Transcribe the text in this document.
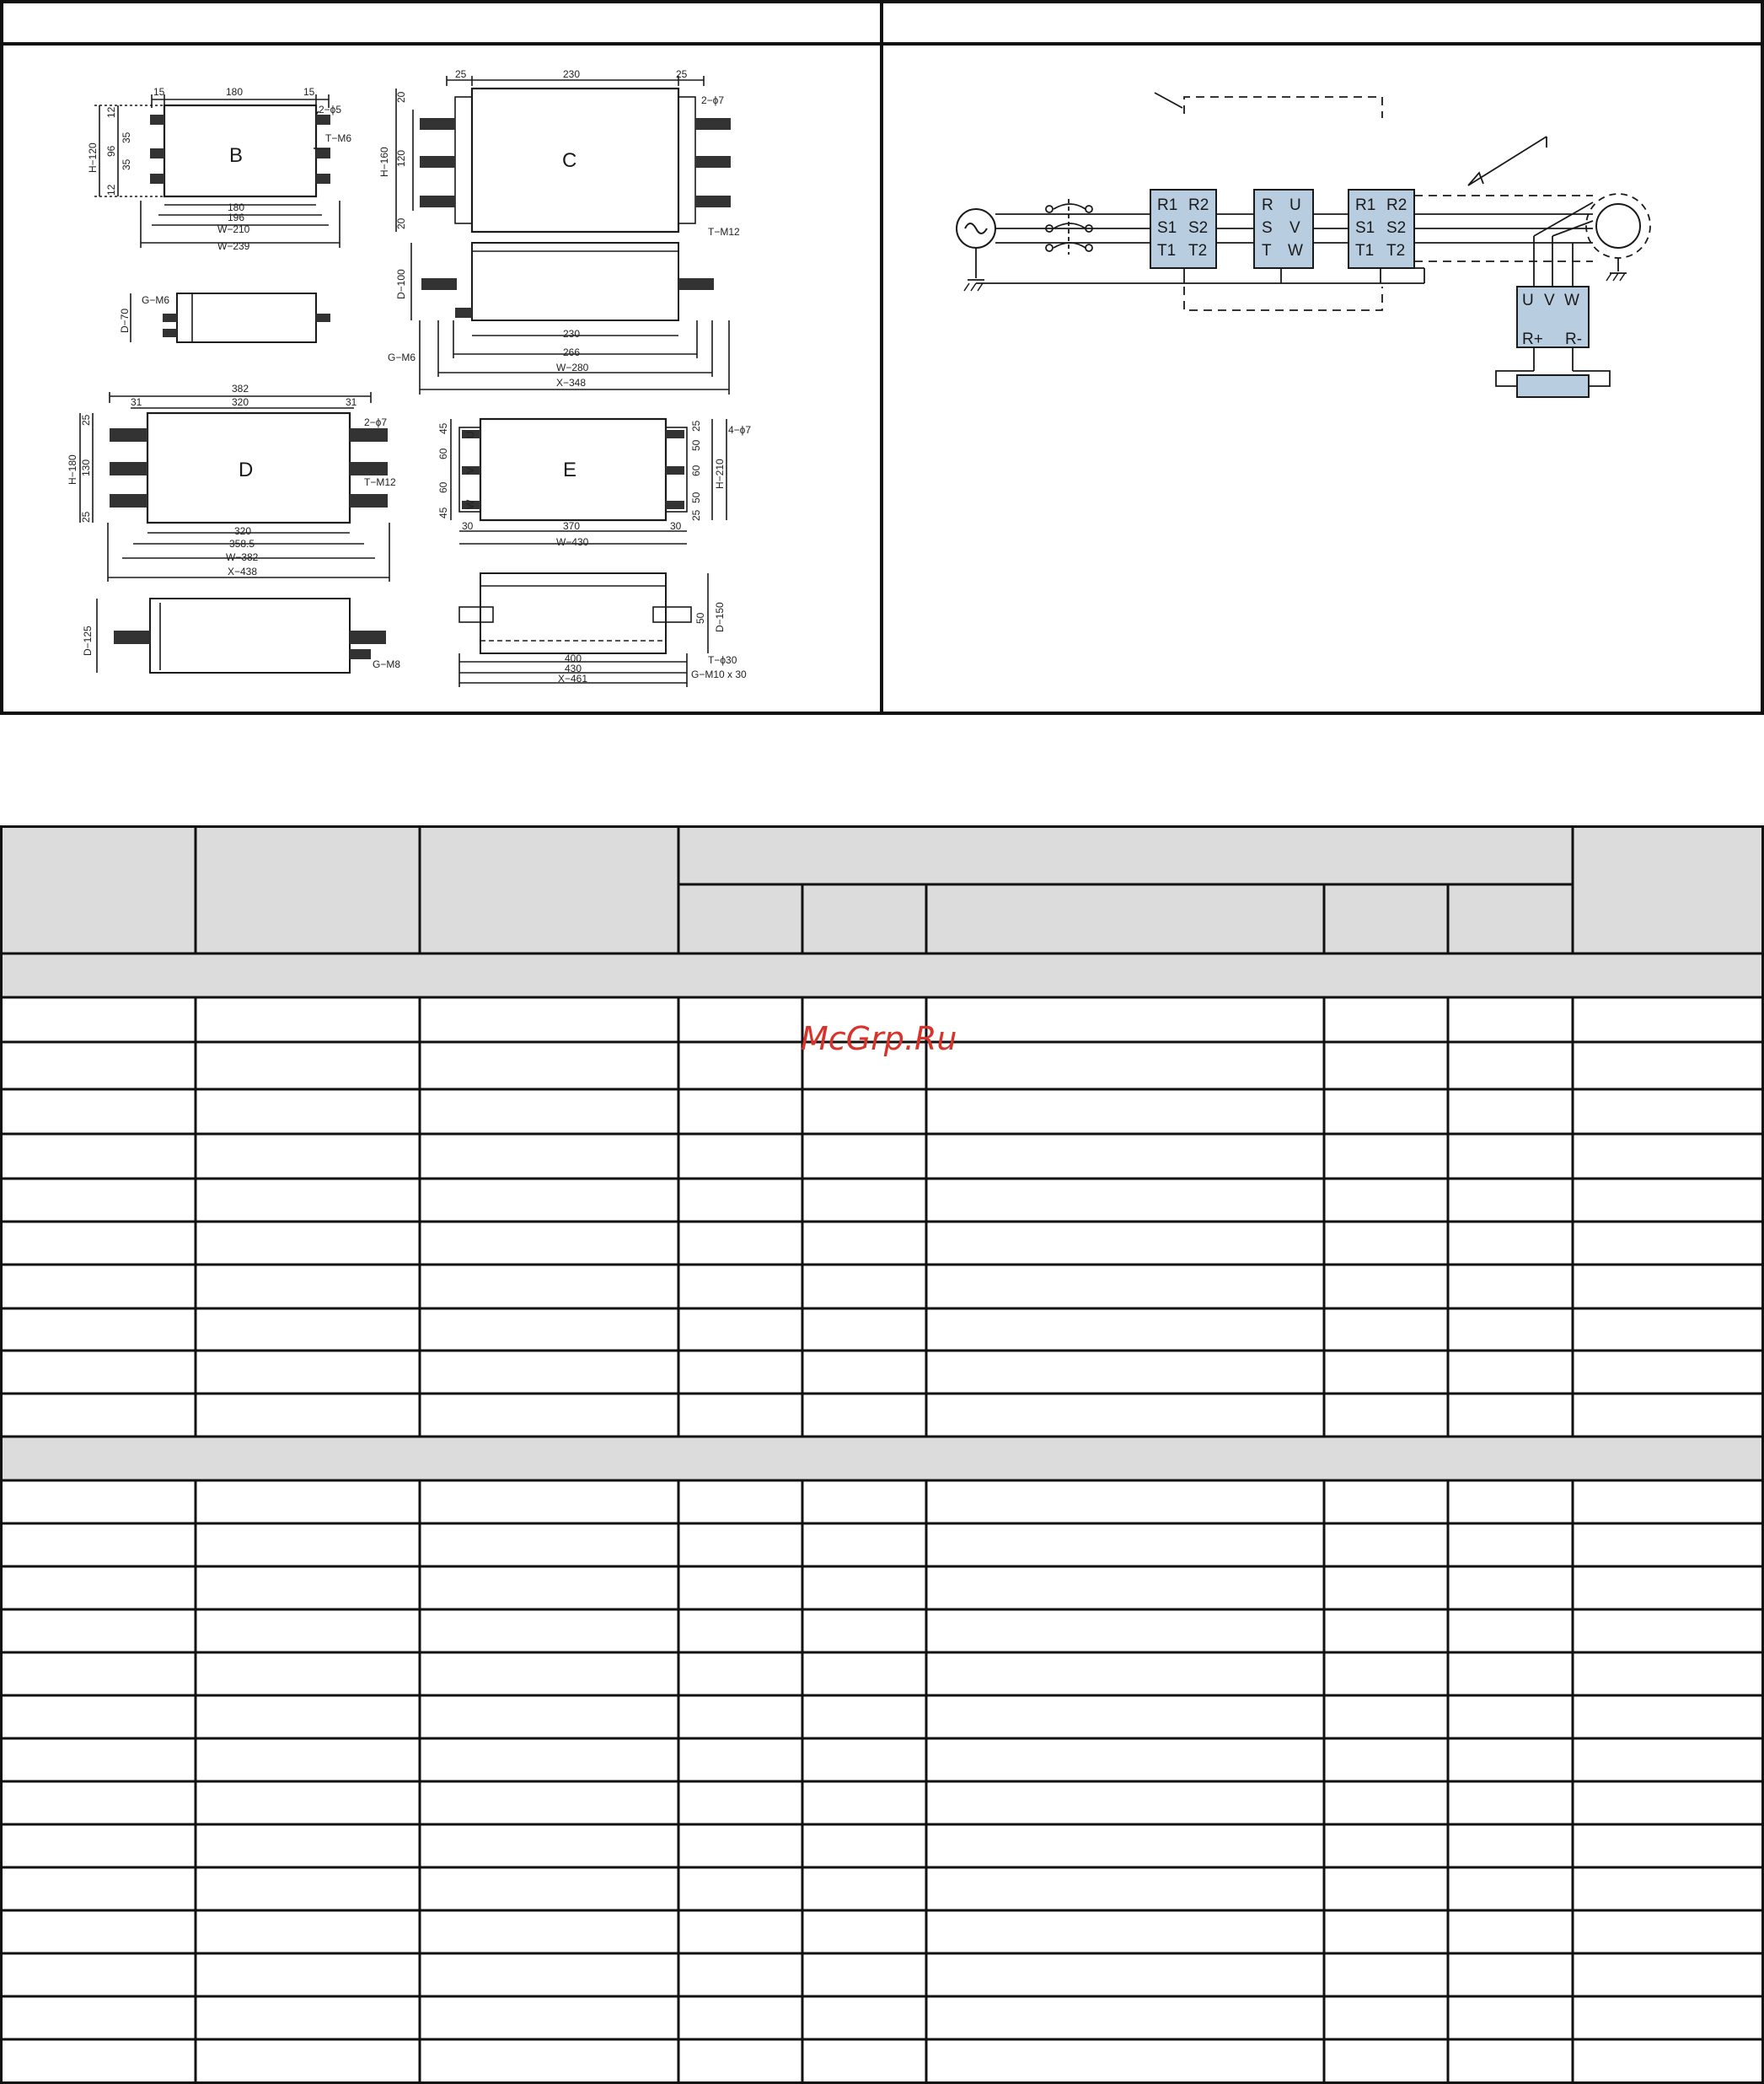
B	C
D	E
180
15	15
2−ϕ5
T−M6
180
196
W−210
W−239
H−120
12
96
35
35
12
D−70
G−M6
25	230	25
2−ϕ7
T−M12
H−160
20
120
20
D−100
G−M6
230
266
W−280
X−348
382
31	320	31
2−ϕ7
T−M12
H−180
25
130
25
320
358.5
W−382
X−438
D−125
G−M8
45
60
60
45
U
V
W
25
50
60
50
25
4−ϕ7
H−210
30	370	30
W−430
D−150
50
T−ϕ30
G−M10 x 30
400
430
X−461
R1 R2
S1 S2
T1 T2
R U
S V
T W
R1 R2
S1 S2
T1 T2
U V W
R+ R-
McGrp.Ru
